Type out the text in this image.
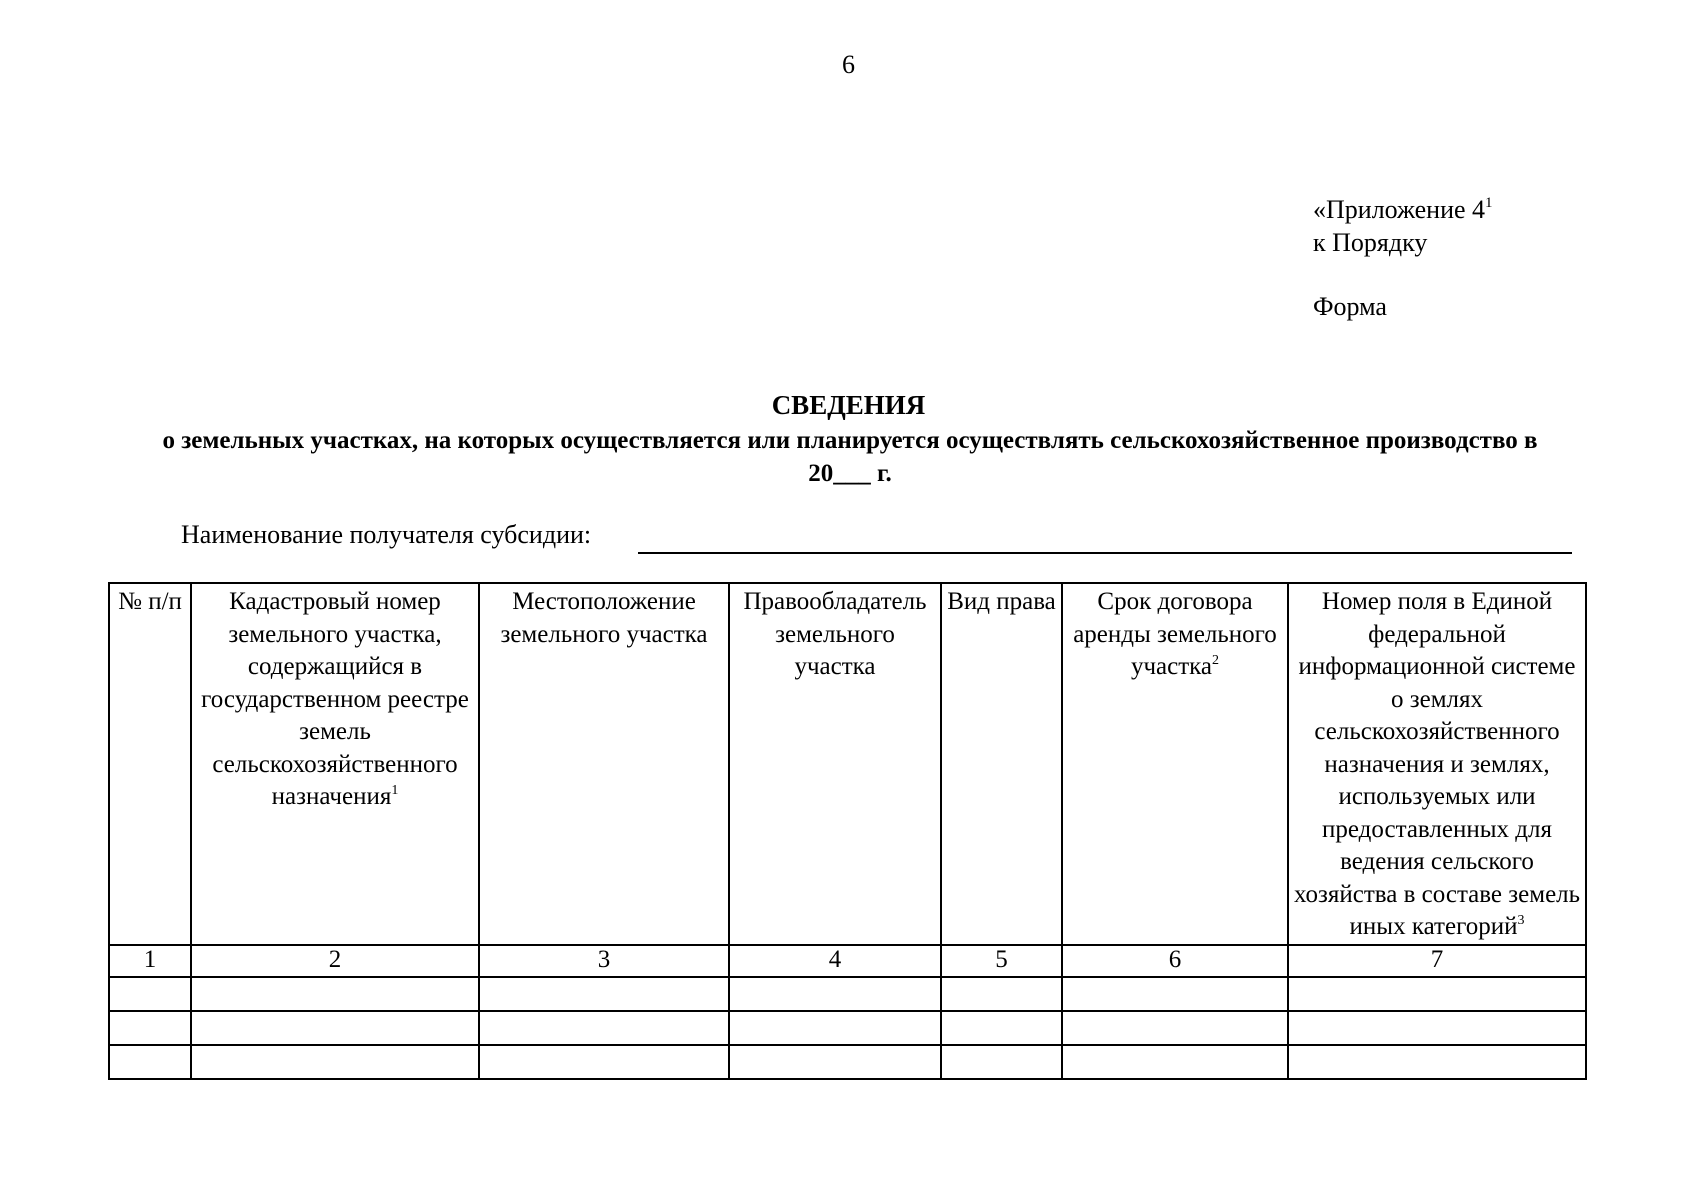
6
«Приложение $4^1$
к Порядку
Форма
СВЕДЕНИЯ
о земельных участках, на которых осуществляется или планируется осуществлять сельскохозяйственное производство в 20___ г.
Наименование получателя субсидии:
№ п/п	Кадастровый номер земельного участка, содержащийся в государственном реестре земель сельскохозяйственного назначения$^1$	Местоположение земельного участка	Правообладатель земельного участка	Вид права	Срок договора аренды земельного участка$^2$	Номер поля в Единой федеральной информационной системе о землях сельскохозяйственного назначения и землях, используемых или предоставленных для ведения сельского хозяйства в составе земель иных категорий$^3$
1	2	3	4	5	6	7
